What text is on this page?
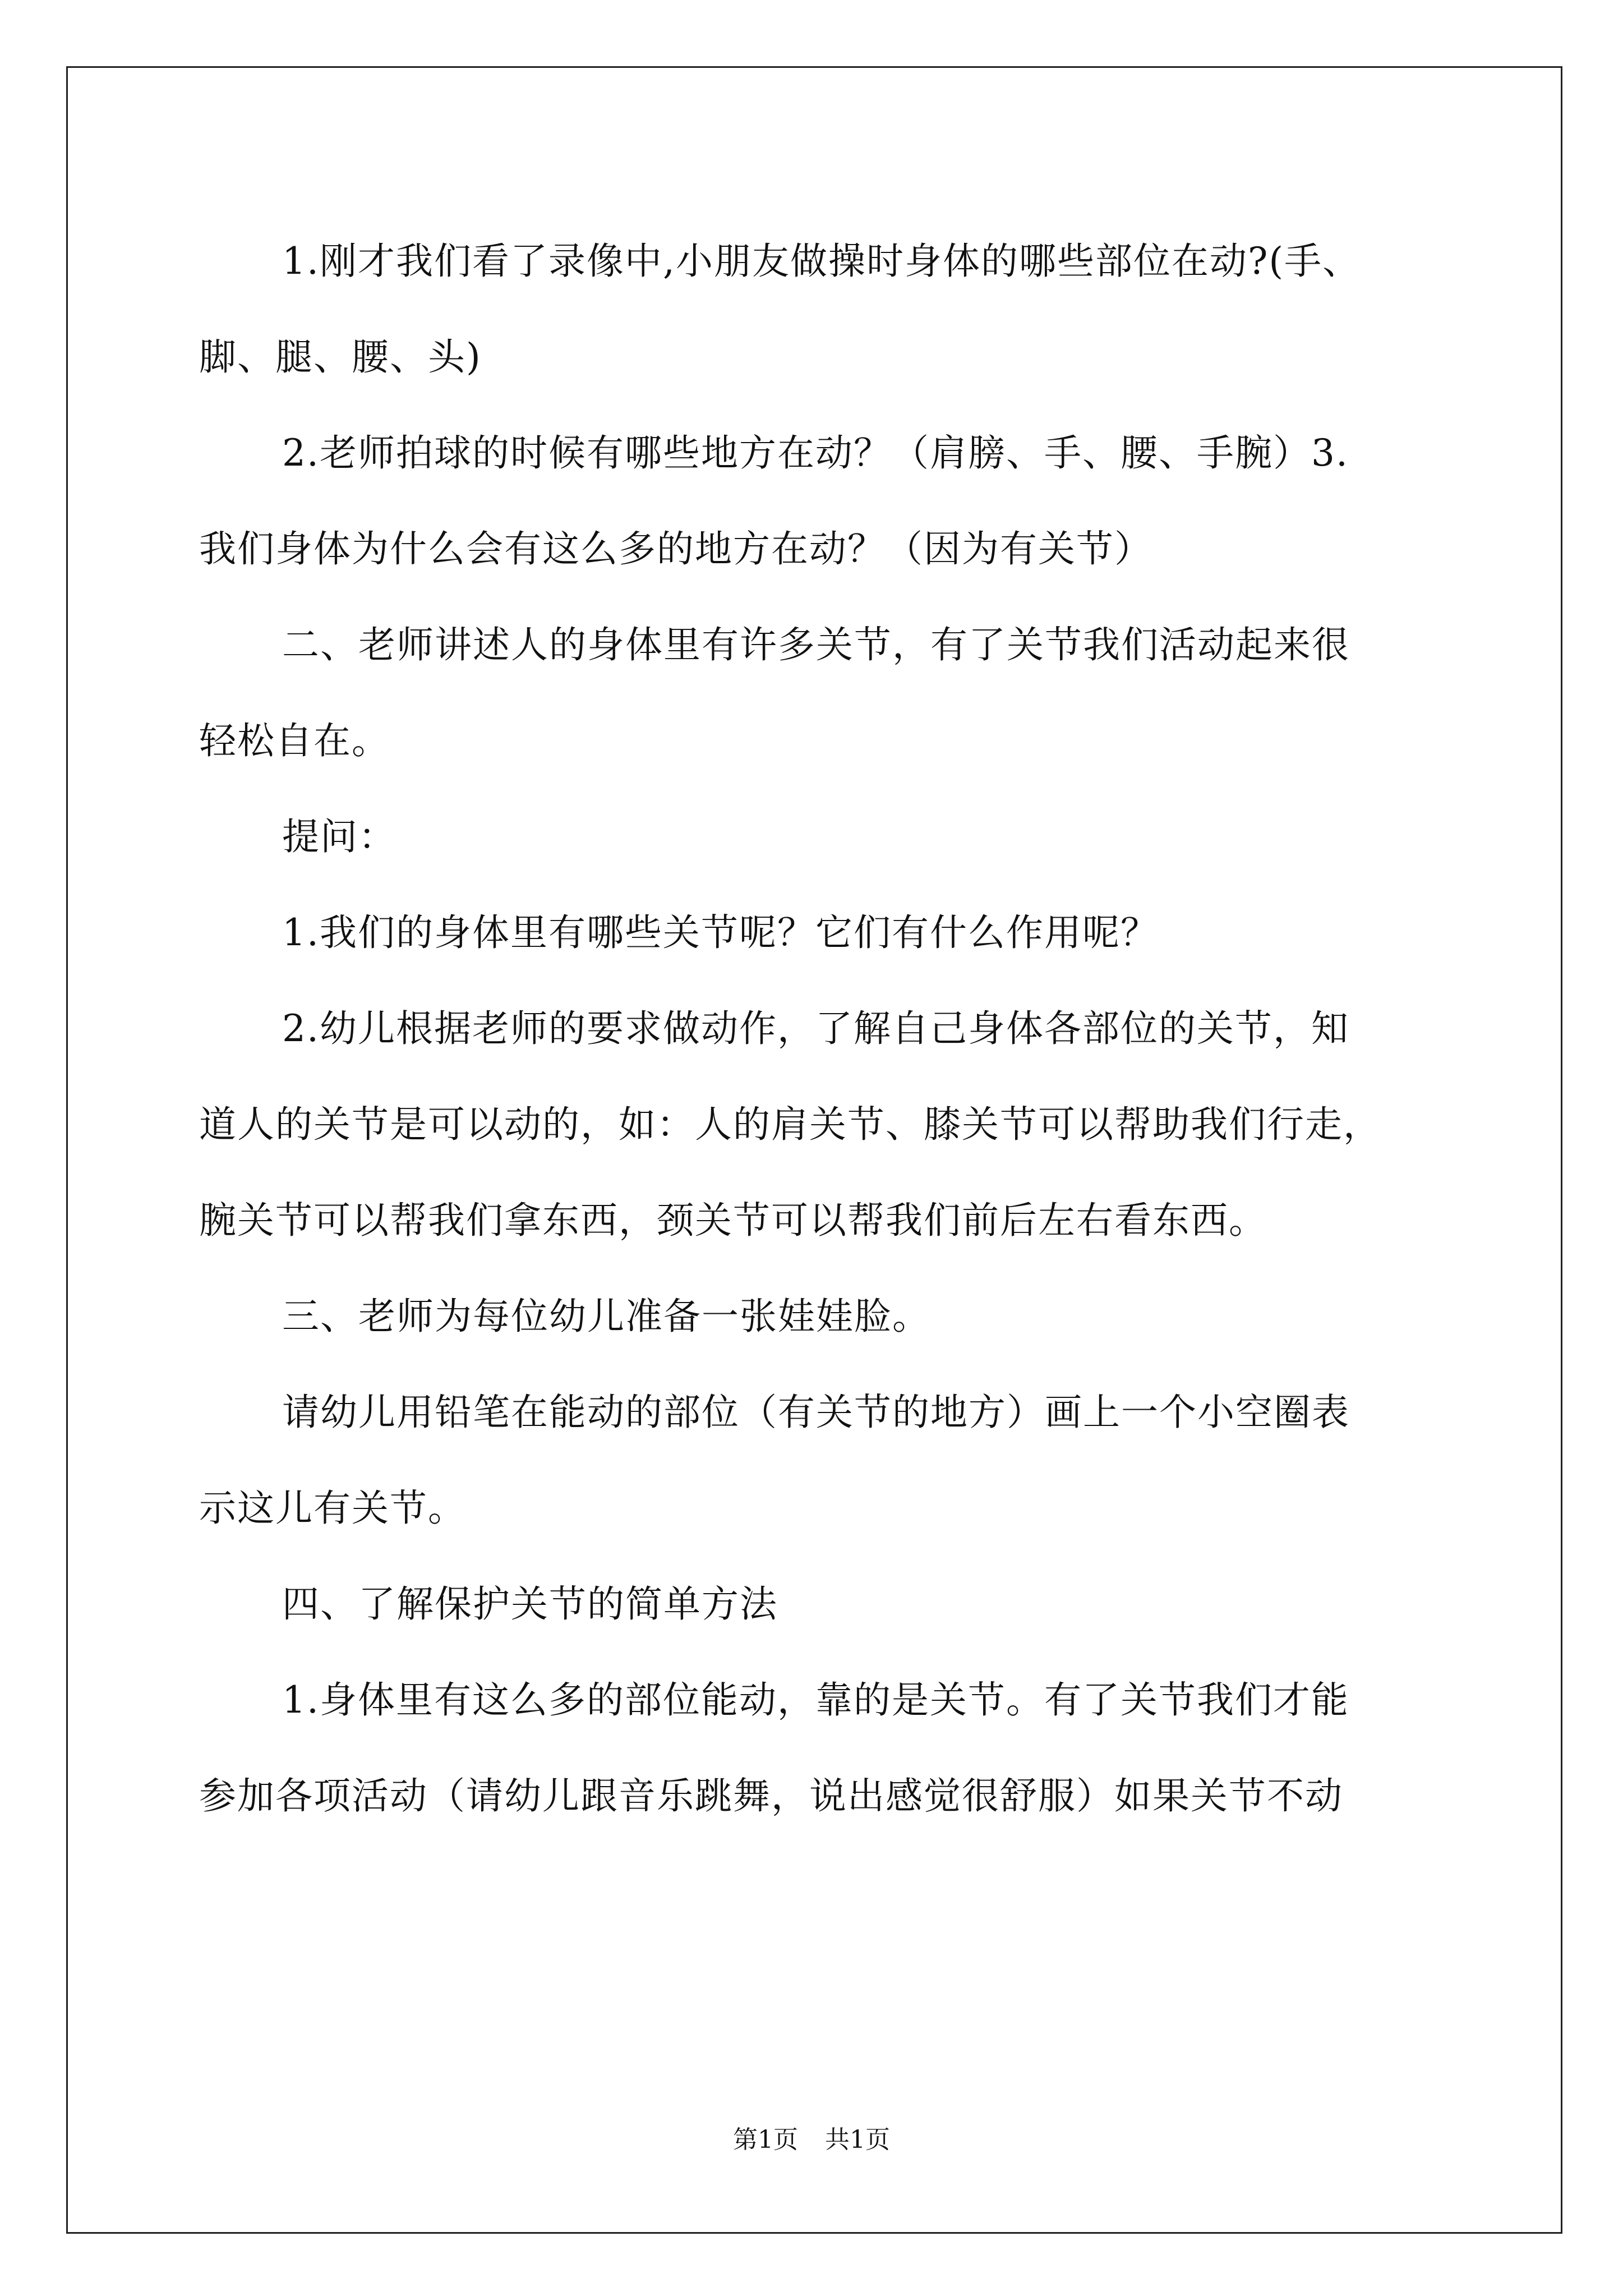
1.刚才我们看了录像中,小朋友做操时身体的哪些部位在动?(手、

脚、腿、腰、头)

2.老师拍球的时候有哪些地方在动？（肩膀、手、腰、手腕）3.

我们身体为什么会有这么多的地方在动？（因为有关节）

二、老师讲述人的身体里有许多关节，有了关节我们活动起来很

轻松自在。

提问：

1.我们的身体里有哪些关节呢？它们有什么作用呢？

2.幼儿根据老师的要求做动作，了解自己身体各部位的关节，知

道人的关节是可以动的，如：人的肩关节、膝关节可以帮助我们行走，

腕关节可以帮我们拿东西，颈关节可以帮我们前后左右看东西。

三、老师为每位幼儿准备一张娃娃脸。

请幼儿用铅笔在能动的部位（有关节的地方）画上一个小空圈表

示这儿有关节。

四、了解保护关节的简单方法

1.身体里有这么多的部位能动，靠的是关节。有了关节我们才能

参加各项活动（请幼儿跟音乐跳舞，说出感觉很舒服）如果关节不动

第1页 共1页
